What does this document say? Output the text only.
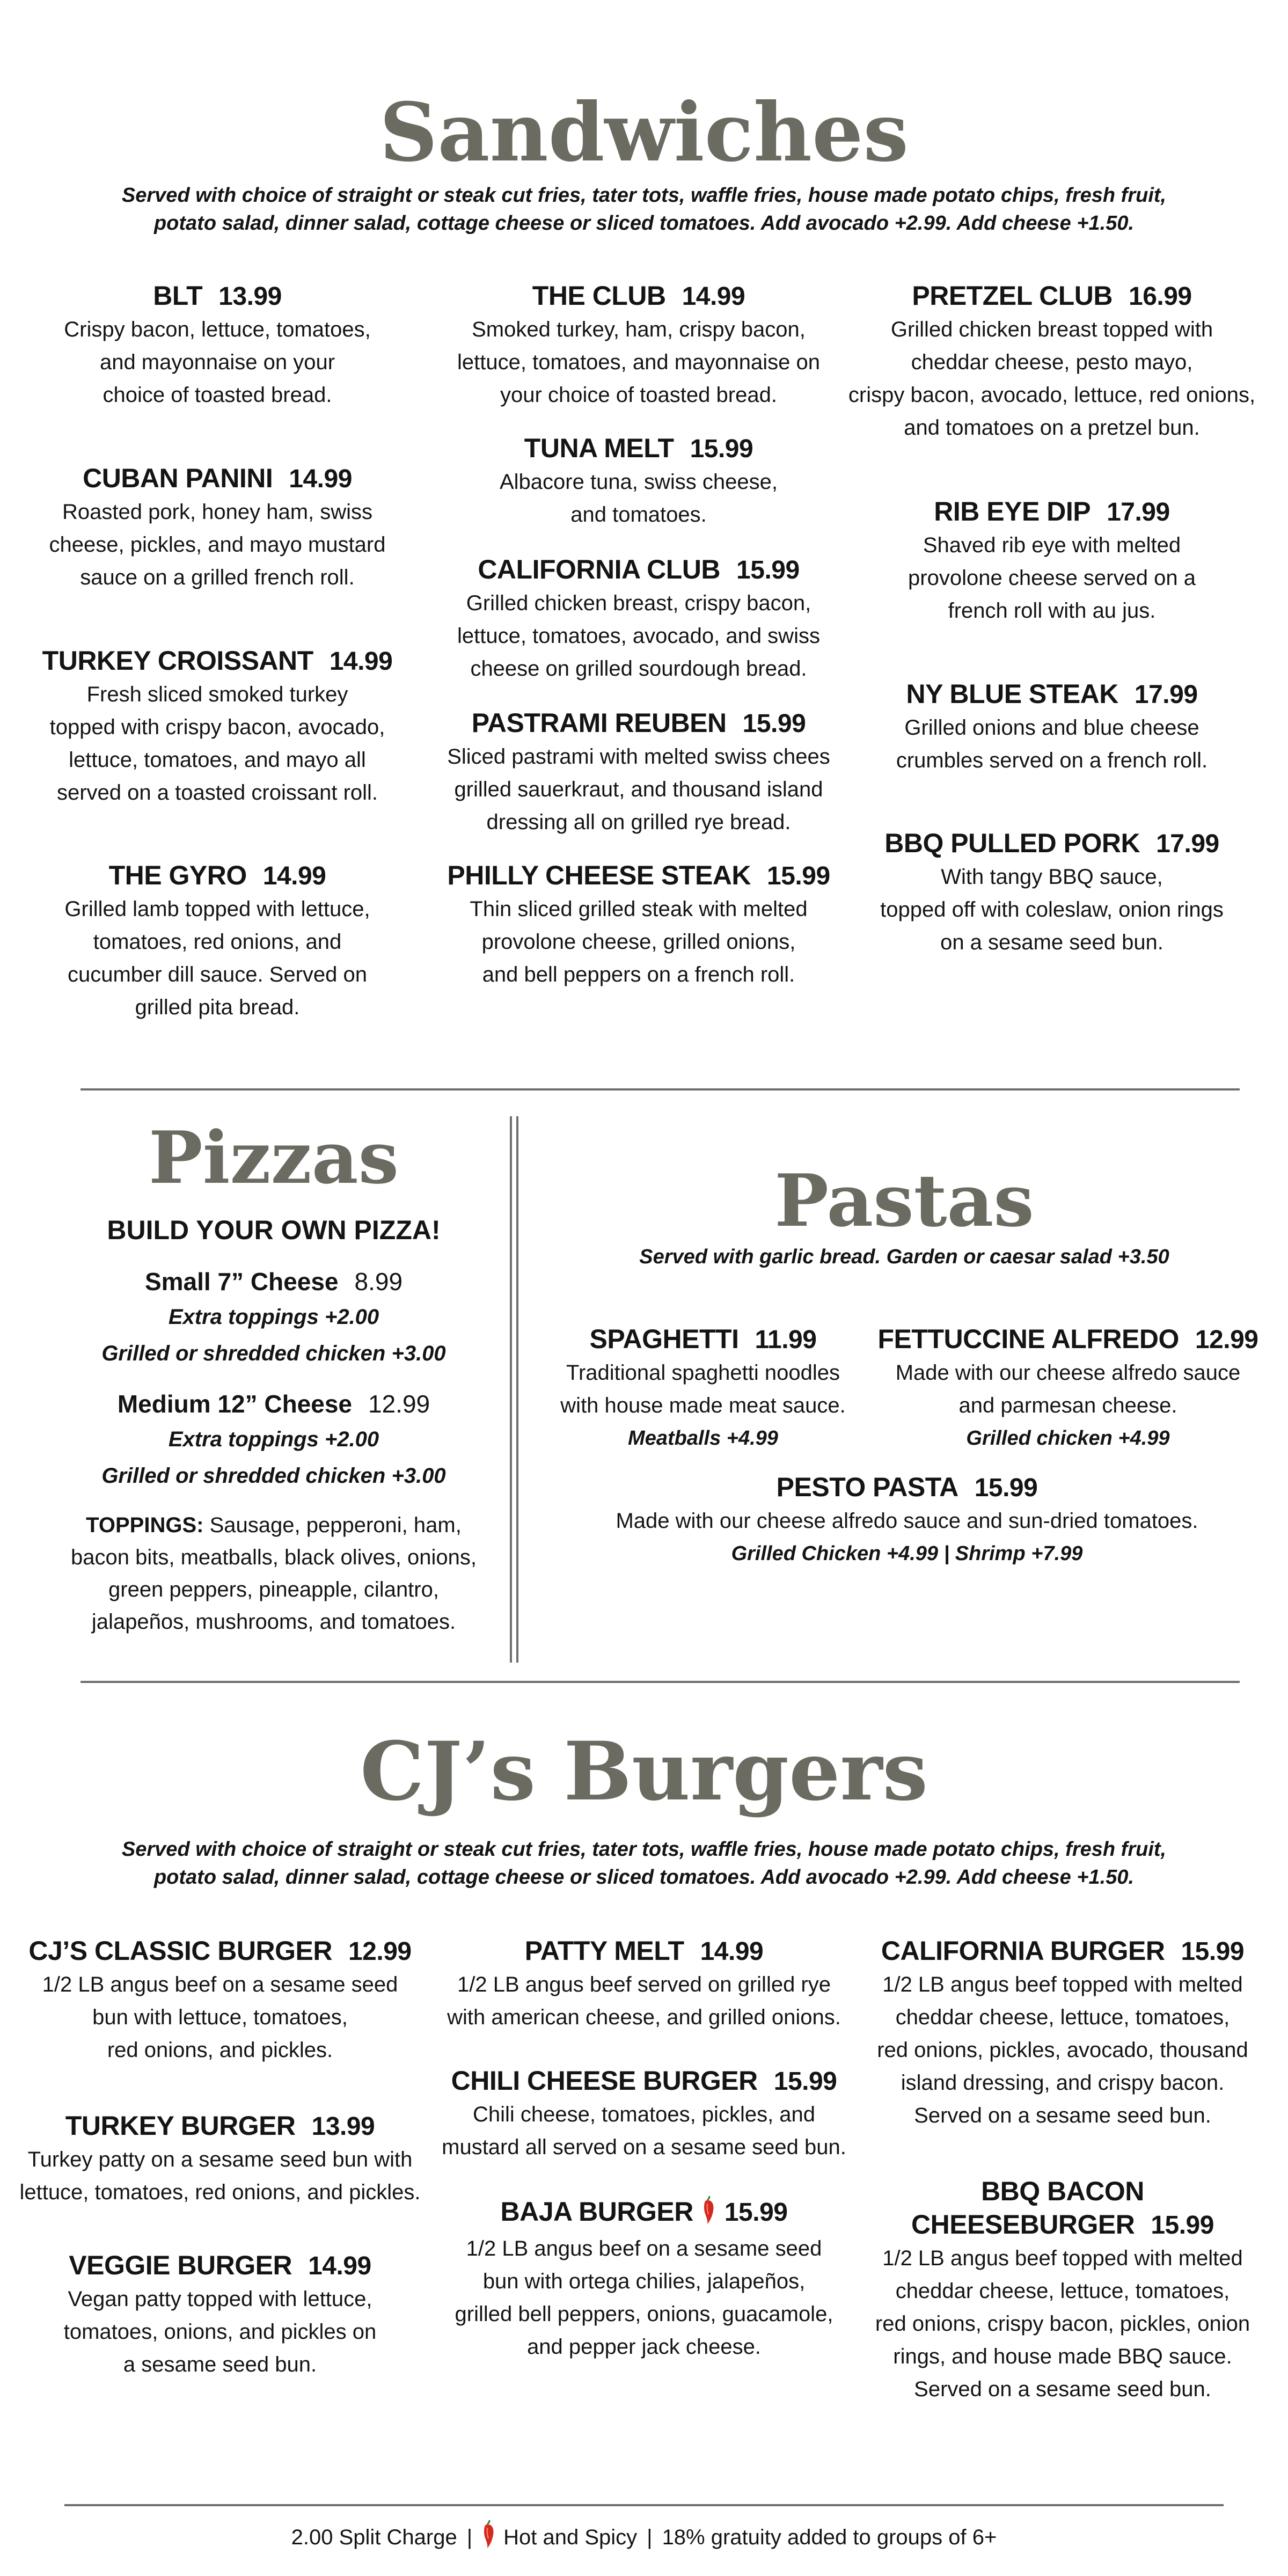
Sandwiches
Served with choice of straight or steak cut fries, tater tots, waffle fries, house made potato chips, fresh fruit,
potato salad, dinner salad, cottage cheese or sliced tomatoes. Add avocado +2.99. Add cheese +1.50.
BLT 13.99
Crispy bacon, lettuce, tomatoes,
and mayonnaise on your
choice of toasted bread.
CUBAN PANINI 14.99
Roasted pork, honey ham, swiss
cheese, pickles, and mayo mustard
sauce on a grilled french roll.
TURKEY CROISSANT 14.99
Fresh sliced smoked turkey
topped with crispy bacon, avocado,
lettuce, tomatoes, and mayo all
served on a toasted croissant roll.
THE GYRO 14.99
Grilled lamb topped with lettuce,
tomatoes, red onions, and
cucumber dill sauce. Served on
grilled pita bread.
THE CLUB 14.99
Smoked turkey, ham, crispy bacon,
lettuce, tomatoes, and mayonnaise on
your choice of toasted bread.
TUNA MELT 15.99
Albacore tuna, swiss cheese,
and tomatoes.
CALIFORNIA CLUB 15.99
Grilled chicken breast, crispy bacon,
lettuce, tomatoes, avocado, and swiss
cheese on grilled sourdough bread.
PASTRAMI REUBEN 15.99
Sliced pastrami with melted swiss chees
grilled sauerkraut, and thousand island
dressing all on grilled rye bread.
PHILLY CHEESE STEAK 15.99
Thin sliced grilled steak with melted
provolone cheese, grilled onions,
and bell peppers on a french roll.
PRETZEL CLUB 16.99
Grilled chicken breast topped with
cheddar cheese, pesto mayo,
crispy bacon, avocado, lettuce, red onions,
and tomatoes on a pretzel bun.
RIB EYE DIP 17.99
Shaved rib eye with melted
provolone cheese served on a
french roll with au jus.
NY BLUE STEAK 17.99
Grilled onions and blue cheese
crumbles served on a french roll.
BBQ PULLED PORK 17.99
With tangy BBQ sauce,
topped off with coleslaw, onion rings
on a sesame seed bun.
Pizzas
BUILD YOUR OWN PIZZA!
Small 7” Cheese 8.99
Extra toppings +2.00
Grilled or shredded chicken +3.00
Medium 12” Cheese 12.99
Extra toppings +2.00
Grilled or shredded chicken +3.00
TOPPINGS: Sausage, pepperoni, ham,
bacon bits, meatballs, black olives, onions,
green peppers, pineapple, cilantro,
jalapeños, mushrooms, and tomatoes.
Pastas
Served with garlic bread. Garden or caesar salad +3.50
SPAGHETTI 11.99
Traditional spaghetti noodles
with house made meat sauce.
Meatballs +4.99
FETTUCCINE ALFREDO 12.99
Made with our cheese alfredo sauce
and parmesan cheese.
Grilled chicken +4.99
PESTO PASTA 15.99
Made with our cheese alfredo sauce and sun-dried tomatoes.
Grilled Chicken +4.99 | Shrimp +7.99
CJ’s Burgers
Served with choice of straight or steak cut fries, tater tots, waffle fries, house made potato chips, fresh fruit,
potato salad, dinner salad, cottage cheese or sliced tomatoes. Add avocado +2.99. Add cheese +1.50.
CJ’S CLASSIC BURGER 12.99
1/2 LB angus beef on a sesame seed
bun with lettuce, tomatoes,
red onions, and pickles.
TURKEY BURGER 13.99
Turkey patty on a sesame seed bun with
lettuce, tomatoes, red onions, and pickles.
VEGGIE BURGER 14.99
Vegan patty topped with lettuce,
tomatoes, onions, and pickles on
a sesame seed bun.
PATTY MELT 14.99
1/2 LB angus beef served on grilled rye
with american cheese, and grilled onions.
CHILI CHEESE BURGER 15.99
Chili cheese, tomatoes, pickles, and
mustard all served on a sesame seed bun.
BAJA BURGER 15.99
1/2 LB angus beef on a sesame seed
bun with ortega chilies, jalapeños,
grilled bell peppers, onions, guacamole,
and pepper jack cheese.
CALIFORNIA BURGER 15.99
1/2 LB angus beef topped with melted
cheddar cheese, lettuce, tomatoes,
red onions, pickles, avocado, thousand
island dressing, and crispy bacon.
Served on a sesame seed bun.
BBQ BACON
CHEESEBURGER 15.99
1/2 LB angus beef topped with melted
cheddar cheese, lettuce, tomatoes,
red onions, crispy bacon, pickles, onion
rings, and house made BBQ sauce.
Served on a sesame seed bun.
2.00 Split Charge | Hot and Spicy | 18% gratuity added to groups of 6+
